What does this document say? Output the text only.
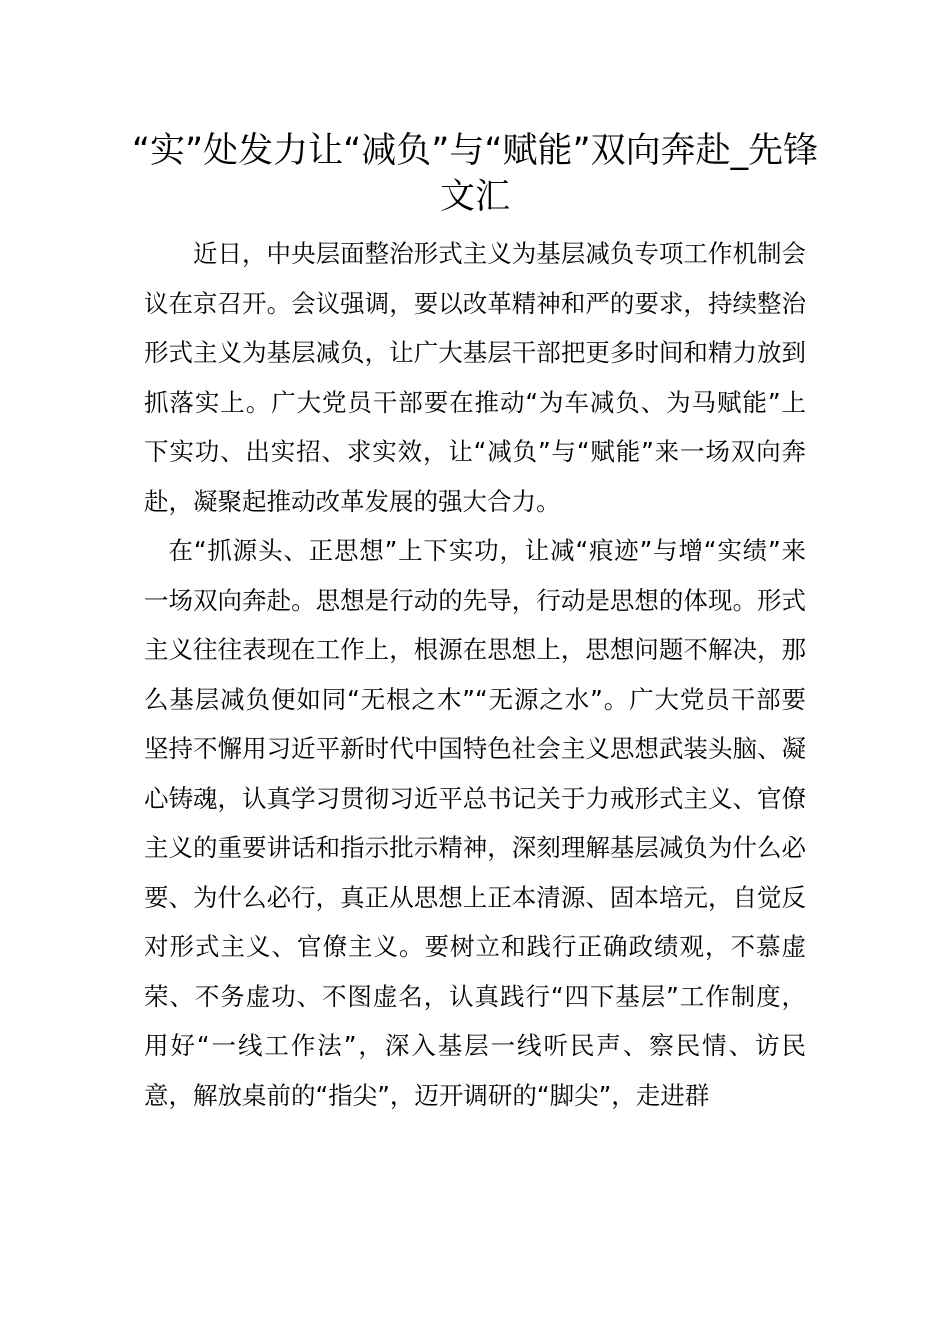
“实”处发力让“减负”与“赋能”双向奔赴_先锋文汇

近日，中央层面整治形式主义为基层减负专项工作机制会议在京召开。会议强调，要以改革精神和严的要求，持续整治形式主义为基层减负，让广大基层干部把更多时间和精力放到抓落实上。广大党员干部要在推动“为车减负、为马赋能”上下实功、出实招、求实效，让“减负”与“赋能”来一场双向奔赴，凝聚起推动改革发展的强大合力。

在“抓源头、正思想”上下实功，让减“痕迹”与增“实绩”来一场双向奔赴。思想是行动的先导，行动是思想的体现。形式主义往往表现在工作上，根源在思想上，思想问题不解决，那么基层减负便如同“无根之木”“无源之水”。广大党员干部要坚持不懈用习近平新时代中国特色社会主义思想武装头脑、凝心铸魂，认真学习贯彻习近平总书记关于力戒形式主义、官僚主义的重要讲话和指示批示精神，深刻理解基层减负为什么必要、为什么必行，真正从思想上正本清源、固本培元，自觉反对形式主义、官僚主义。要树立和践行正确政绩观，不慕虚荣、不务虚功、不图虚名，认真践行“四下基层”工作制度，用好“一线工作法”，深入基层一线听民声、察民情、访民意，解放桌前的“指尖”，迈开调研的“脚尖”，走进群
